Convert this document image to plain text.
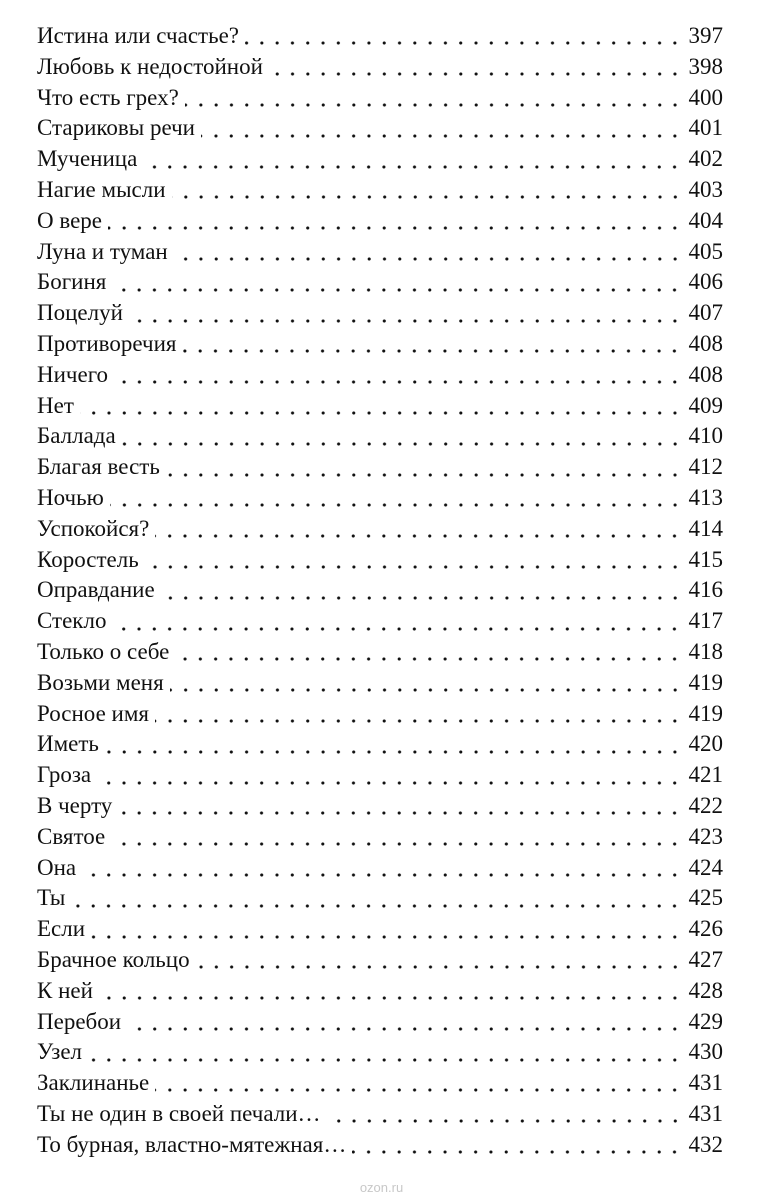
Истина или счастье?	397
Любовь к недостойной	398
Что есть грех?	400
Стариковы речи	401
Мученица	402
Нагие мысли	403
О вере	404
Луна и туман	405
Богиня	406
Поцелуй	407
Противоречия	408
Ничего	408
Нет	409
Баллада	410
Благая весть	412
Ночью	413
Успокойся?	414
Коростель	415
Оправдание	416
Стекло	417
Только о себе	418
Возьми меня	419
Росное имя	419
Иметь	420
Гроза	421
В черту	422
Святое	423
Она	424
Ты	425
Если	426
Брачное кольцо	427
К ней	428
Перебои	429
Узел	430
Заклинанье	431
Ты не один в своей печали…	431
То бурная, властно-мятежная…	432
ozon.ru
